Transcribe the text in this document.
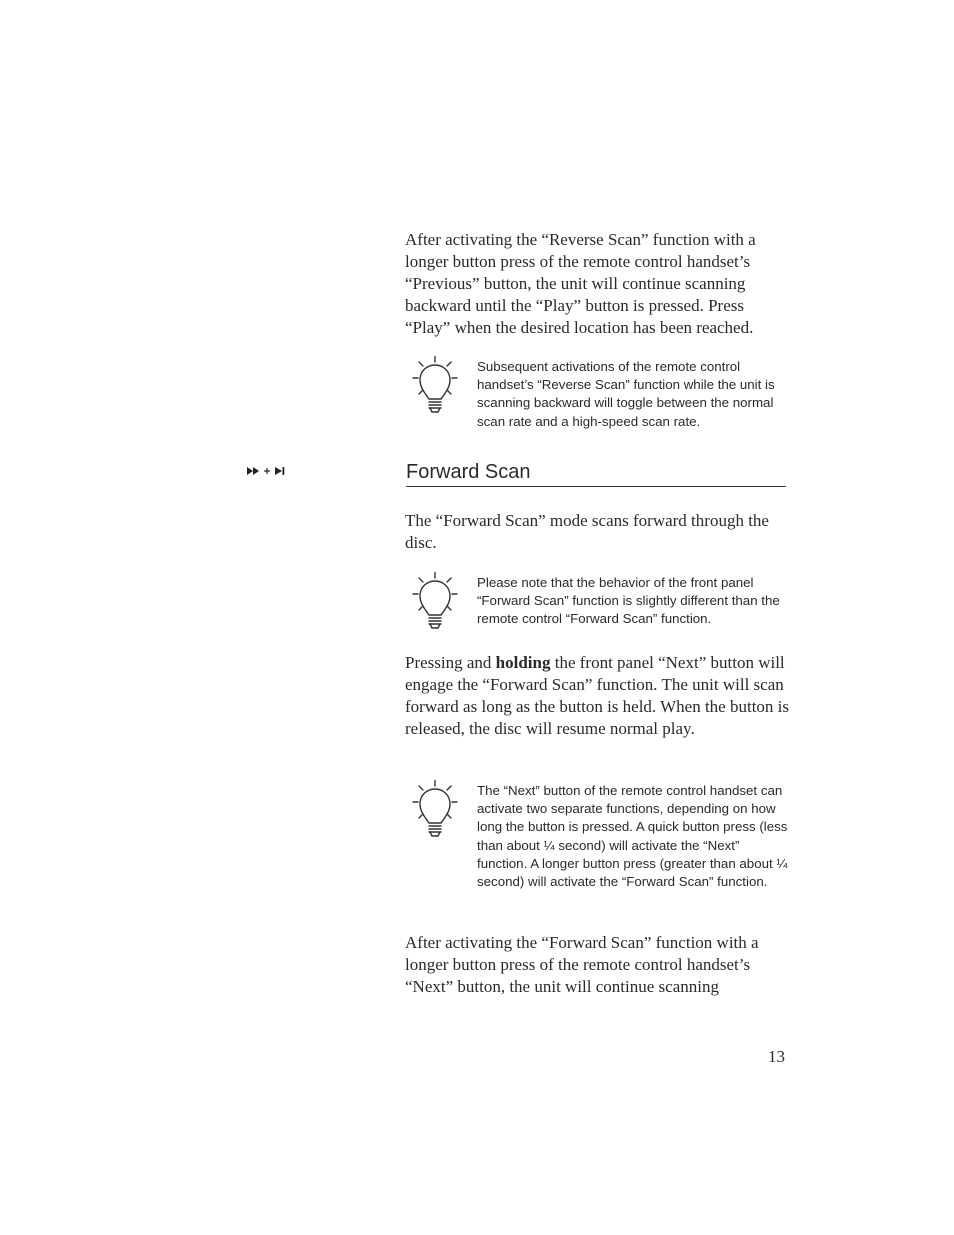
After activating the “Reverse Scan” function with a longer button press of the remote control handset’s “Previous” button, the unit will continue scanning backward until the “Play” button is pressed. Press “Play” when the desired location has been reached.

Subsequent activations of the remote control handset’s “Reverse Scan” function while the unit is scanning backward will toggle between the normal scan rate and a high-speed scan rate.
Forward Scan

The “Forward Scan” mode scans forward through the disc.

Please note that the behavior of the front panel “Forward Scan” function is slightly different than the remote control “Forward Scan” function.

Pressing and holding the front panel “Next” button will engage the “Forward Scan” function. The unit will scan forward as long as the button is held. When the button is released, the disc will resume normal play.

The “Next” button of the remote control handset can activate two separate functions, depending on how long the button is pressed. A quick button press (less than about ¼ second) will activate the “Next” function. A longer button press (greater than about ¼ second) will activate the “Forward Scan” function.

After activating the “Forward Scan” function with a longer button press of the remote control handset’s “Next” button, the unit will continue scanning

13
